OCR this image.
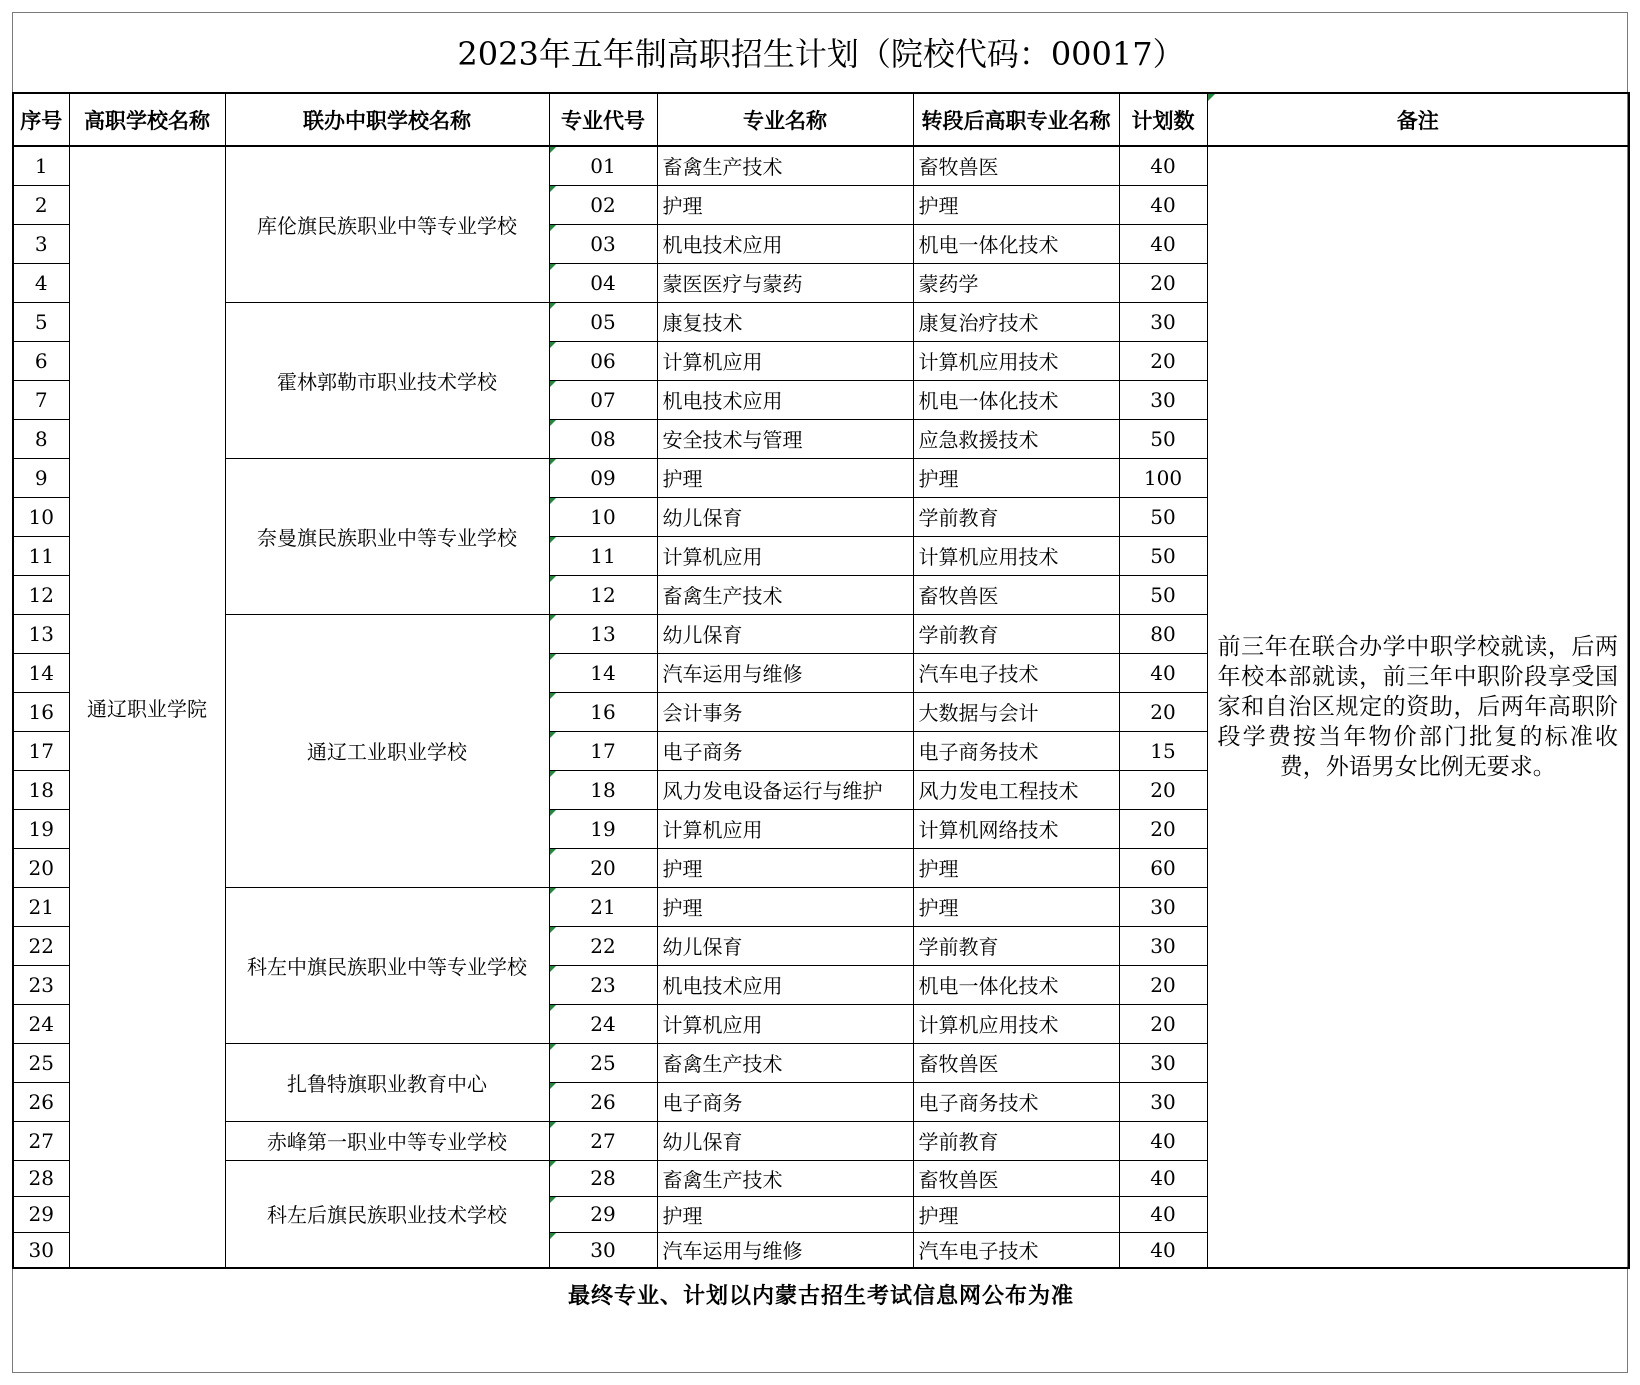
2023年五年制高职招生计划（院校代码：00017）							
序号	高职学校名称	联办中职学校名称	专业代号	专业名称	转段后高职专业名称	计划数	备注
1	通辽职业学院	库伦旗民族职业中等专业学校	01	畜禽生产技术	畜牧兽医	40	前三年在联合办学中职学校就读，后两年校本部就读，前三年中职阶段享受国家和自治区规定的资助，后两年高职阶段学费按当年物价部门批复的标准收费，外语男女比例无要求。
2			02	护理	护理	40	
3			03	机电技术应用	机电一体化技术	40	
4			04	蒙医医疗与蒙药	蒙药学	20	
5		霍林郭勒市职业技术学校	05	康复技术	康复治疗技术	30	
6			06	计算机应用	计算机应用技术	20	
7			07	机电技术应用	机电一体化技术	30	
8			08	安全技术与管理	应急救援技术	50	
9		奈曼旗民族职业中等专业学校	09	护理	护理	100	
10			10	幼儿保育	学前教育	50	
11			11	计算机应用	计算机应用技术	50	
12			12	畜禽生产技术	畜牧兽医	50	
13		通辽工业职业学校	13	幼儿保育	学前教育	80	
14			14	汽车运用与维修	汽车电子技术	40	
16			16	会计事务	大数据与会计	20	
17			17	电子商务	电子商务技术	15	
18			18	风力发电设备运行与维护	风力发电工程技术	20	
19			19	计算机应用	计算机网络技术	20	
20			20	护理	护理	60	
21		科左中旗民族职业中等专业学校	21	护理	护理	30	
22			22	幼儿保育	学前教育	30	
23			23	机电技术应用	机电一体化技术	20	
24			24	计算机应用	计算机应用技术	20	
25		扎鲁特旗职业教育中心	25	畜禽生产技术	畜牧兽医	30	
26			26	电子商务	电子商务技术	30	
27		赤峰第一职业中等专业学校	27	幼儿保育	学前教育	40	
28		科左后旗民族职业技术学校	28	畜禽生产技术	畜牧兽医	40	
29			29	护理	护理	40	
30			30	汽车运用与维修	汽车电子技术	40	
最终专业、计划以内蒙古招生考试信息网公布为准							
